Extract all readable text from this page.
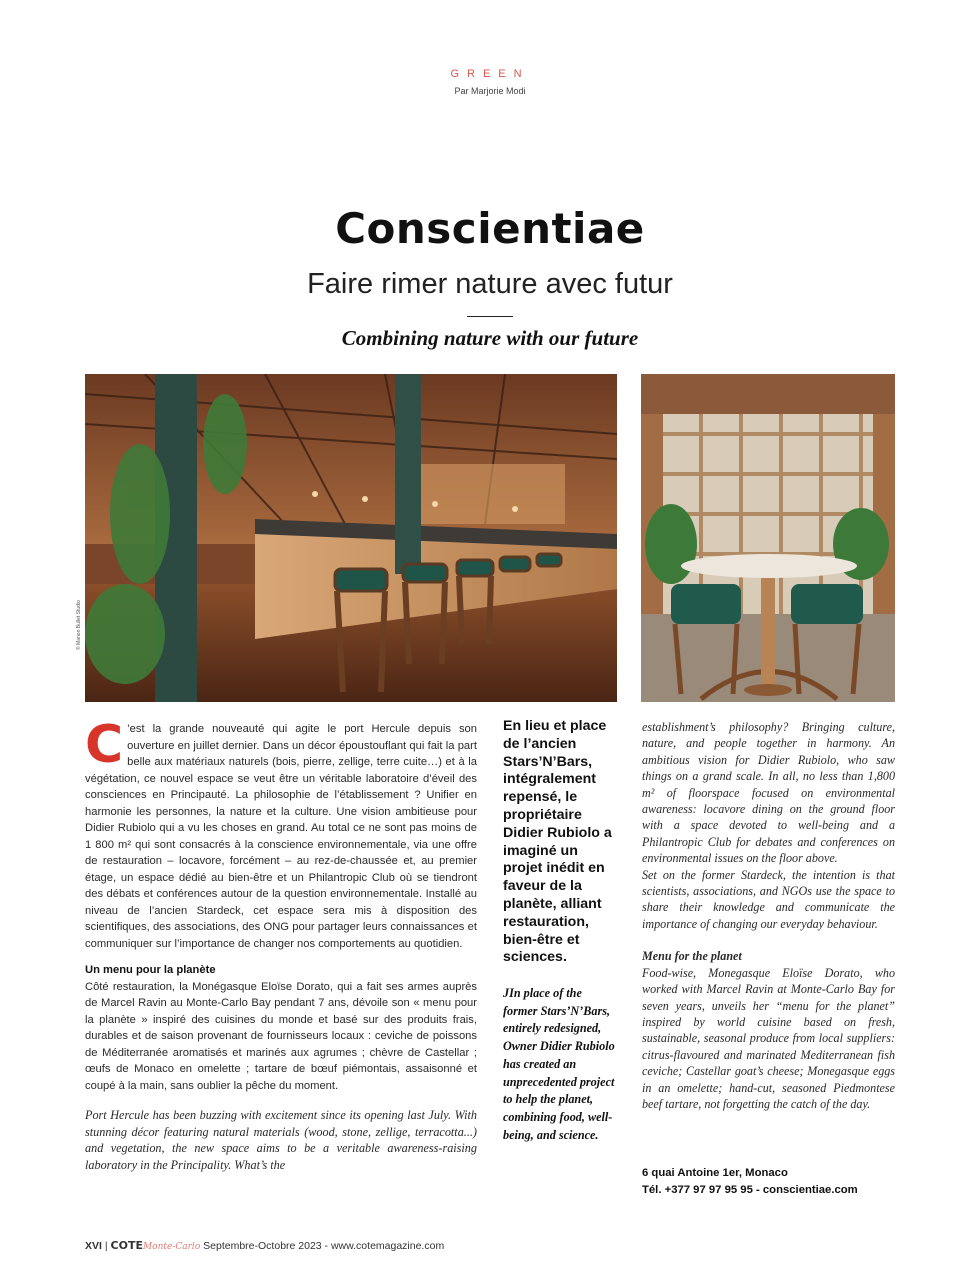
GREEN
Par Marjorie Modi
Conscientiae
Faire rimer nature avec futur
Combining nature with our future
© Manon Bullet Studio

C ’est la grande nouveauté qui agite le port Hercule depuis son ouverture en juillet dernier. Dans un décor époustouflant qui fait la part belle aux matériaux naturels (bois, pierre, zellige, terre cuite…) et à la végétation, ce nouvel espace se veut être un véritable laboratoire d’éveil des consciences en Principauté. La philosophie de l’établissement ? Unifier en harmonie les personnes, la nature et la culture. Une vision ambitieuse pour Didier Rubiolo qui a vu les choses en grand. Au total ce ne sont pas moins de 1 800 m² qui sont consacrés à la conscience environnementale, via une offre de restauration – locavore, forcément – au rez-de-chaussée et, au premier étage, un espace dédié au bien-être et un Philantropic Club où se tiendront des débats et conférences autour de la question environnementale. Installé au niveau de l’ancien Stardeck, cet espace sera mis à disposition des scientifiques, des associations, des ONG pour partager leurs connaissances et communiquer sur l’importance de changer nos comportements au quotidien.

Un menu pour la planète

Côté restauration, la Monégasque Eloïse Dorato, qui a fait ses armes auprès de Marcel Ravin au Monte-Carlo Bay pendant 7 ans, dévoile son « menu pour la planète » inspiré des cuisines du monde et basé sur des produits frais, durables et de saison provenant de fournisseurs locaux : ceviche de poissons de Méditerranée aromatisés et marinés aux agrumes ; chèvre de Castellar ; œufs de Monaco en omelette ; tartare de bœuf piémontais, assaisonné et coupé à la main, sans oublier la pêche du moment.

Port Hercule has been buzzing with excitement since its opening last July. With stunning décor featuring natural materials (wood, stone, zellige, terracotta...) and vegetation, the new space aims to be a veritable awareness-raising laboratory in the Principality. What’s the

En lieu et place de l’ancien Stars’N’Bars, intégralement repensé, le propriétaire Didier Rubiolo a imaginé un projet inédit en faveur de la planète, alliant restauration, bien-être et sciences.
JIn place of the former Stars’N’Bars, entirely redesigned, Owner Didier Rubiolo has created an unprecedented project to help the planet, combining food, well-being, and science.

establishment’s philosophy? Bringing culture, nature, and people together in harmony. An ambitious vision for Didier Rubiolo, who saw things on a grand scale. In all, no less than 1,800 m² of floorspace focused on environmental awareness: locavore dining on the ground floor with a space devoted to well-being and a Philantropic Club for debates and conferences on environmental issues on the floor above.

Set on the former Stardeck, the intention is that scientists, associations, and NGOs use the space to share their knowledge and communicate the importance of changing our everyday behaviour.

Menu for the planet

Food-wise, Monegasque Eloïse Dorato, who worked with Marcel Ravin at Monte-Carlo Bay for seven years, unveils her “menu for the planet” inspired by world cuisine based on fresh, sustainable, seasonal produce from local suppliers: citrus-flavoured and marinated Mediterranean fish ceviche; Castellar goat’s cheese; Monegasque eggs in an omelette; hand-cut, seasoned Piedmontese beef tartare, not forgetting the catch of the day.

6 quai Antoine 1er, Monaco
Tél. +377 97 97 95 95 - conscientiae.com
XVI | COTEMonte-Carlo Septembre-Octobre 2023 - www.cotemagazine.com
